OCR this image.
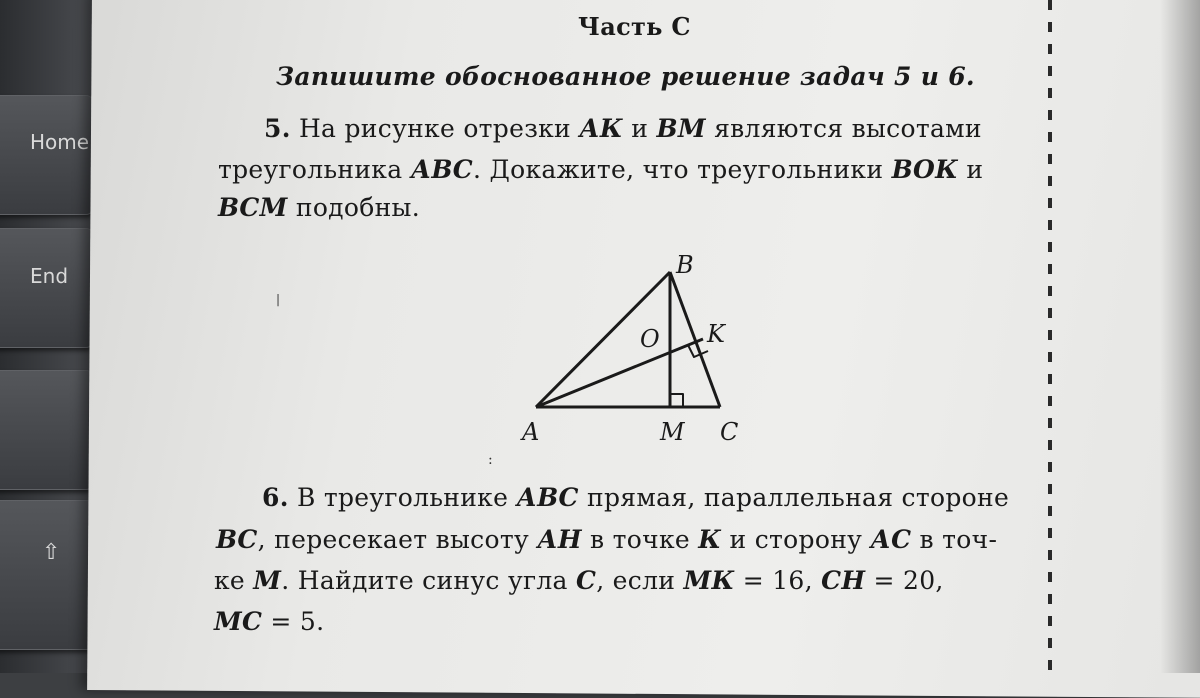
Home
End
⇧
Часть С
Запишите обоснованное решение задач 5 и 6.
5. На рисунке отрезки АК и ВМ являются высотами
треугольника АВС. Докажите, что треугольники ВОК и
ВСМ подобны.
B
O K
A	M C
:
|
6. В треугольнике АВС прямая, параллельная стороне
ВС, пересекает высоту АН в точке К и сторону АС в точ-
ке М. Найдите синус угла С, если МК = 16, СН = 20,
МС = 5.
